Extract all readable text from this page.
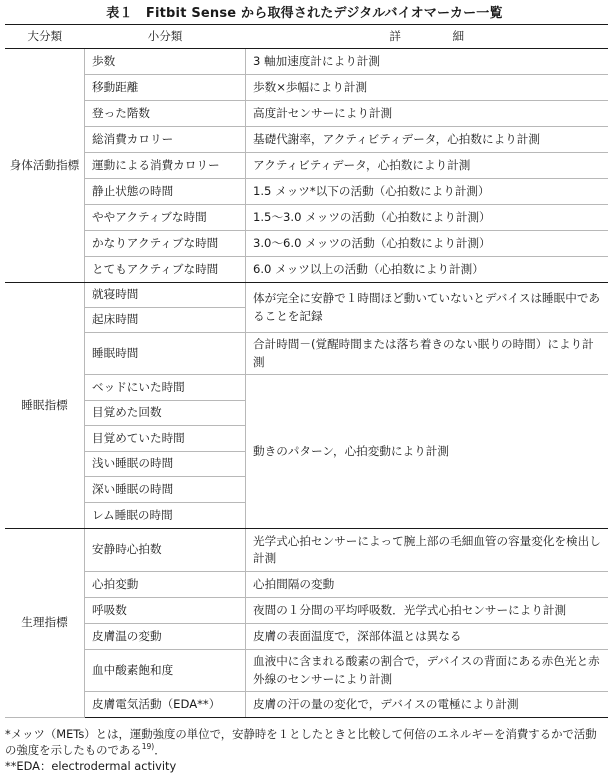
表１　Fitbit Sense から取得されたデジタルバイオマーカー一覧
大分類	小分類	詳　細
身体活動指標	歩数	3 軸加速度計により計測
	移動距離	歩数×歩幅により計測
	登った階数	高度計センサーにより計測
	総消費カロリー	基礎代謝率，アクティビティデータ，心拍数により計測
	運動による消費カロリー	アクティビティデータ，心拍数により計測
	静止状態の時間	1.5 メッツ*以下の活動（心拍数により計測）
	ややアクティブな時間	1.5～3.0 メッツの活動（心拍数により計測）
	かなりアクティブな時間	3.0～6.0 メッツの活動（心拍数により計測）
	とてもアクティブな時間	6.0 メッツ以上の活動（心拍数により計測）
睡眠指標	就寝時間	体が完全に安静で１時間ほど動いていないとデバイスは睡眠中であることを記録
	起床時間	
	睡眠時間	合計時間－(覚醒時間または落ち着きのない眠りの時間）により計測
	ベッドにいた時間	動きのパターン，心拍変動により計測
	目覚めた回数	
	目覚めていた時間	
	浅い睡眠の時間	
	深い睡眠の時間	
	レム睡眠の時間	
生理指標	安静時心拍数	光学式心拍センサーによって腕上部の毛細血管の容量変化を検出し計測
	心拍変動	心拍間隔の変動
	呼吸数	夜間の１分間の平均呼吸数．光学式心拍センサーにより計測
	皮膚温の変動	皮膚の表面温度で，深部体温とは異なる
	血中酸素飽和度	血液中に含まれる酸素の割合で，デバイスの背面にある赤色光と赤外線のセンサーにより計測
	皮膚電気活動（EDA**）	皮膚の汗の量の変化で，デバイスの電極により計測

*メッツ（METs）とは，運動強度の単位で，安静時を１としたときと比較して何倍のエネルギーを消費するかで活動の強度を示したものである$^{19)}$．

**EDA：electrodermal activity
